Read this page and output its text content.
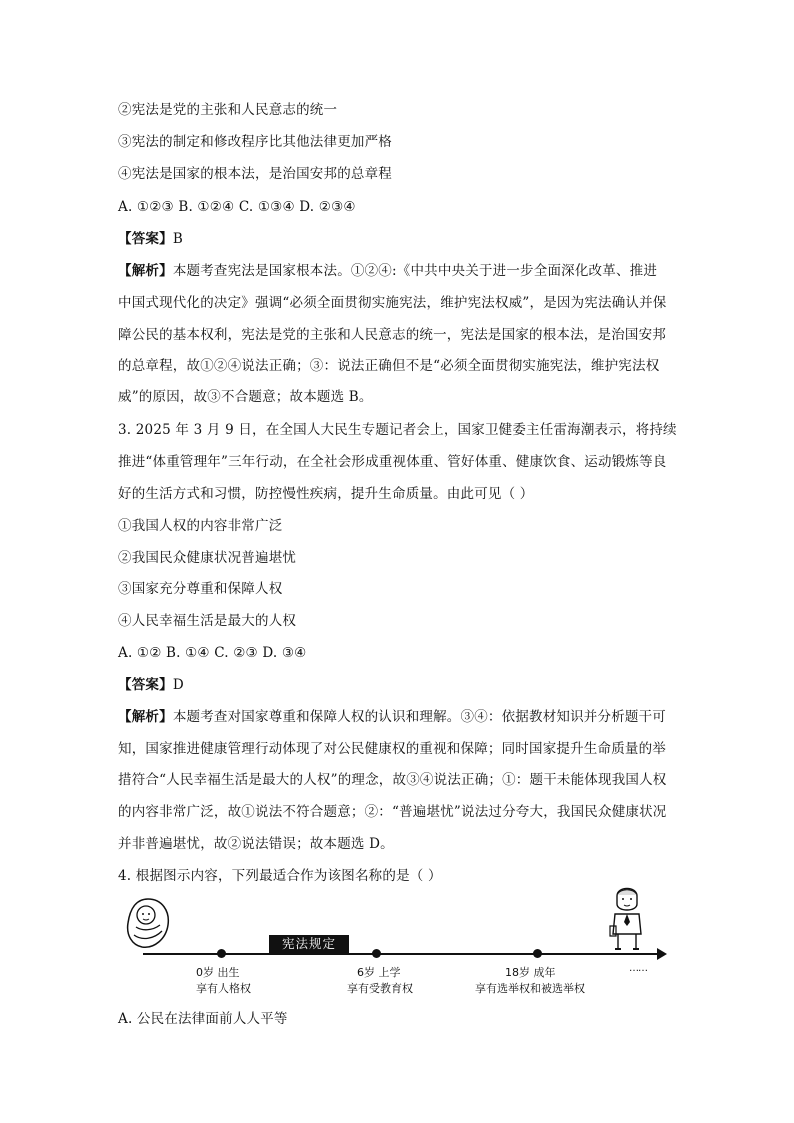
②宪法是党的主张和人民意志的统一
③宪法的制定和修改程序比其他法律更加严格
④宪法是国家的根本法，是治国安邦的总章程
A. ①②③ B. ①②④ C. ①③④ D. ②③④
【答案】B
【解析】本题考查宪法是国家根本法。①②④:《中共中央关于进一步全面深化改革、推进
中国式现代化的决定》强调“必须全面贯彻实施宪法，维护宪法权威”，是因为宪法确认并保
障公民的基本权利，宪法是党的主张和人民意志的统一，宪法是国家的根本法，是治国安邦
的总章程，故①②④说法正确；③：说法正确但不是“必须全面贯彻实施宪法，维护宪法权
威”的原因，故③不合题意；故本题选 B。
3. 2025 年 3 月 9 日，在全国人大民生专题记者会上，国家卫健委主任雷海潮表示，将持续
推进“体重管理年”三年行动，在全社会形成重视体重、管好体重、健康饮食、运动锻炼等良
好的生活方式和习惯，防控慢性疾病，提升生命质量。由此可见（ ）
①我国人权的内容非常广泛
②我国民众健康状况普遍堪忧
③国家充分尊重和保障人权
④人民幸福生活是最大的人权
A. ①② B. ①④ C. ②③ D. ③④
【答案】D
【解析】本题考查对国家尊重和保障人权的认识和理解。③④：依据教材知识并分析题干可
知，国家推进健康管理行动体现了对公民健康权的重视和保障；同时国家提升生命质量的举
措符合“人民幸福生活是最大的人权”的理念，故③④说法正确；①：题干未能体现我国人权
的内容非常广泛，故①说法不符合题意；②：“普遍堪忧”说法过分夸大，我国民众健康状况
并非普遍堪忧，故②说法错误；故本题选 D。
4. 根据图示内容，下列最适合作为该图名称的是（ ）
宪法规定
0岁 出生
享有人格权
6岁 上学
享有受教育权
18岁 成年
享有选举权和被选举权
……
A. 公民在法律面前人人平等
